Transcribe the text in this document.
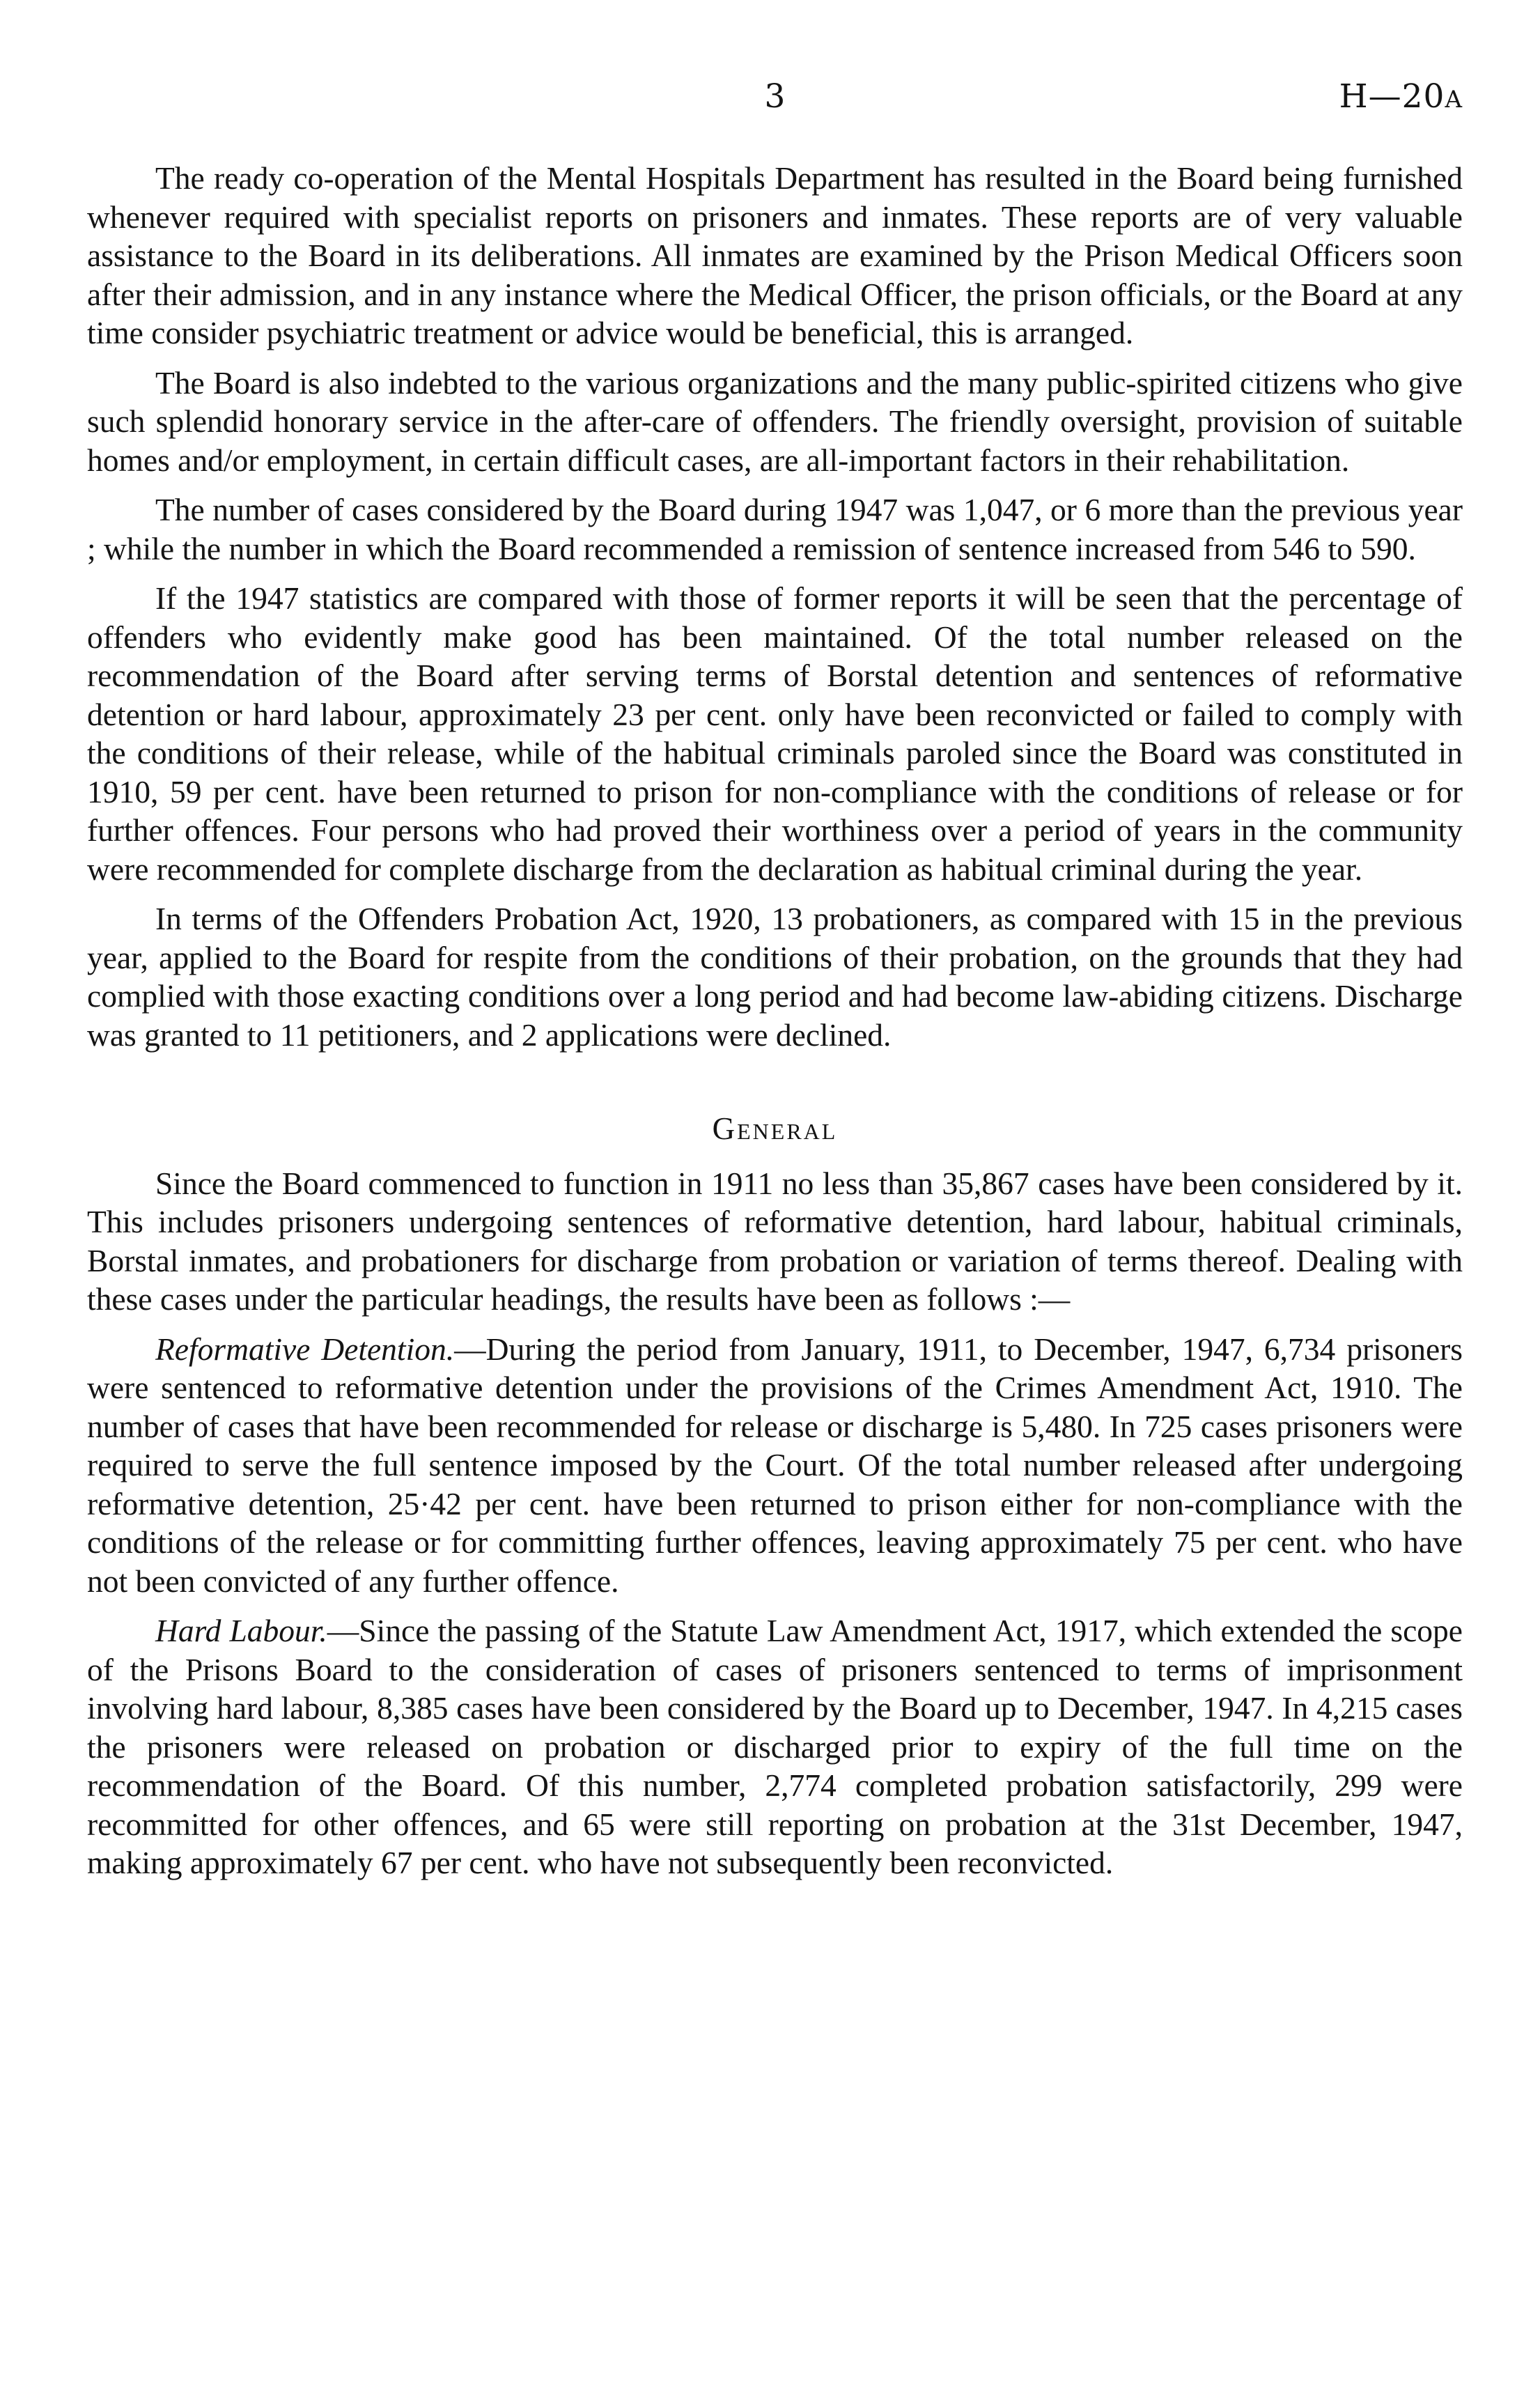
3	H—20A

The ready co-operation of the Mental Hospitals Department has resulted in the Board being furnished whenever required with specialist reports on prisoners and inmates. These reports are of very valuable assistance to the Board in its deliberations. All inmates are examined by the Prison Medical Officers soon after their admission, and in any instance where the Medical Officer, the prison officials, or the Board at any time consider psychiatric treatment or advice would be beneficial, this is arranged.

The Board is also indebted to the various organizations and the many public-spirited citizens who give such splendid honorary service in the after-care of offenders. The friendly oversight, provision of suitable homes and/or employment, in certain difficult cases, are all-important factors in their rehabilitation.

The number of cases considered by the Board during 1947 was 1,047, or 6 more than the previous year ; while the number in which the Board recommended a remission of sentence increased from 546 to 590.

If the 1947 statistics are compared with those of former reports it will be seen that the percentage of offenders who evidently make good has been maintained. Of the total number released on the recommendation of the Board after serving terms of Borstal detention and sentences of reformative detention or hard labour, approximately 23 per cent. only have been reconvicted or failed to comply with the conditions of their release, while of the habitual criminals paroled since the Board was constituted in 1910, 59 per cent. have been returned to prison for non-compliance with the conditions of release or for further offences. Four persons who had proved their worthiness over a period of years in the community were recommended for complete discharge from the declaration as habitual criminal during the year.

In terms of the Offenders Probation Act, 1920, 13 probationers, as compared with 15 in the previous year, applied to the Board for respite from the conditions of their probation, on the grounds that they had complied with those exacting conditions over a long period and had become law-abiding citizens. Discharge was granted to 11 petitioners, and 2 applications were declined.

General

Since the Board commenced to function in 1911 no less than 35,867 cases have been considered by it. This includes prisoners undergoing sentences of reformative detention, hard labour, habitual criminals, Borstal inmates, and probationers for discharge from probation or variation of terms thereof. Dealing with these cases under the particular headings, the results have been as follows :—

Reformative Detention.—During the period from January, 1911, to December, 1947, 6,734 prisoners were sentenced to reformative detention under the provisions of the Crimes Amendment Act, 1910. The number of cases that have been recommended for release or discharge is 5,480. In 725 cases prisoners were required to serve the full sentence imposed by the Court. Of the total number released after undergoing reformative detention, 25·42 per cent. have been returned to prison either for non-compliance with the conditions of the release or for committing further offences, leaving approximately 75 per cent. who have not been convicted of any further offence.

Hard Labour.—Since the passing of the Statute Law Amendment Act, 1917, which extended the scope of the Prisons Board to the consideration of cases of prisoners sentenced to terms of imprisonment involving hard labour, 8,385 cases have been considered by the Board up to December, 1947. In 4,215 cases the prisoners were released on probation or discharged prior to expiry of the full time on the recommendation of the Board. Of this number, 2,774 completed probation satisfactorily, 299 were recommitted for other offences, and 65 were still reporting on probation at the 31st December, 1947, making approximately 67 per cent. who have not subsequently been reconvicted.
